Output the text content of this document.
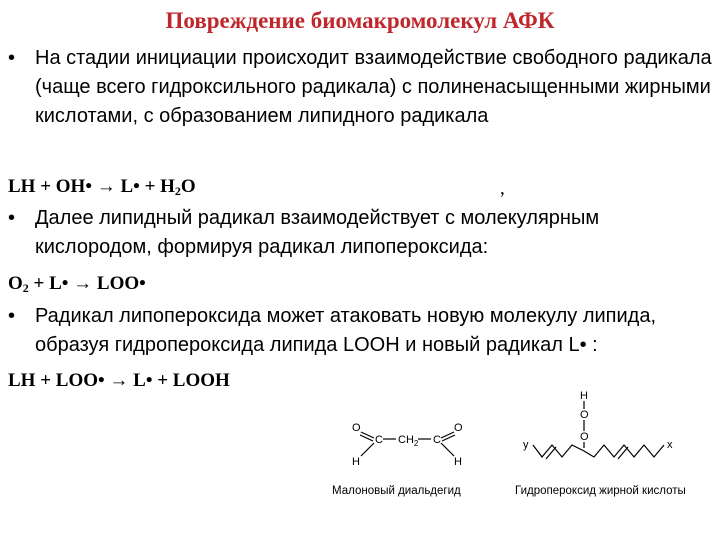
Повреждение биомакромолекул АФК
• На стадии инициации происходит взаимодействие свободного радикала (чаще всего гидроксильного радикала) с полиненасыщенными жирными кислотами, с образованием липидного радикала
LH + OH• → L• + $H_2O$	,
• Далее липидный радикал взаимодействует с молекулярным кислородом, формируя радикал липопероксида:
$O_2$ + L• → LOO•
• Радикал липопероксида может атаковать новую молекулу липида, образуя гидропероксида липида LOOH и новый радикал L• :
LH + LOO• → L• + LOOH
O
C $CH_2$ C
O
H	H
Малоновый диальдегид
H
O
O
y	x
Гидропероксид жирной кислоты
